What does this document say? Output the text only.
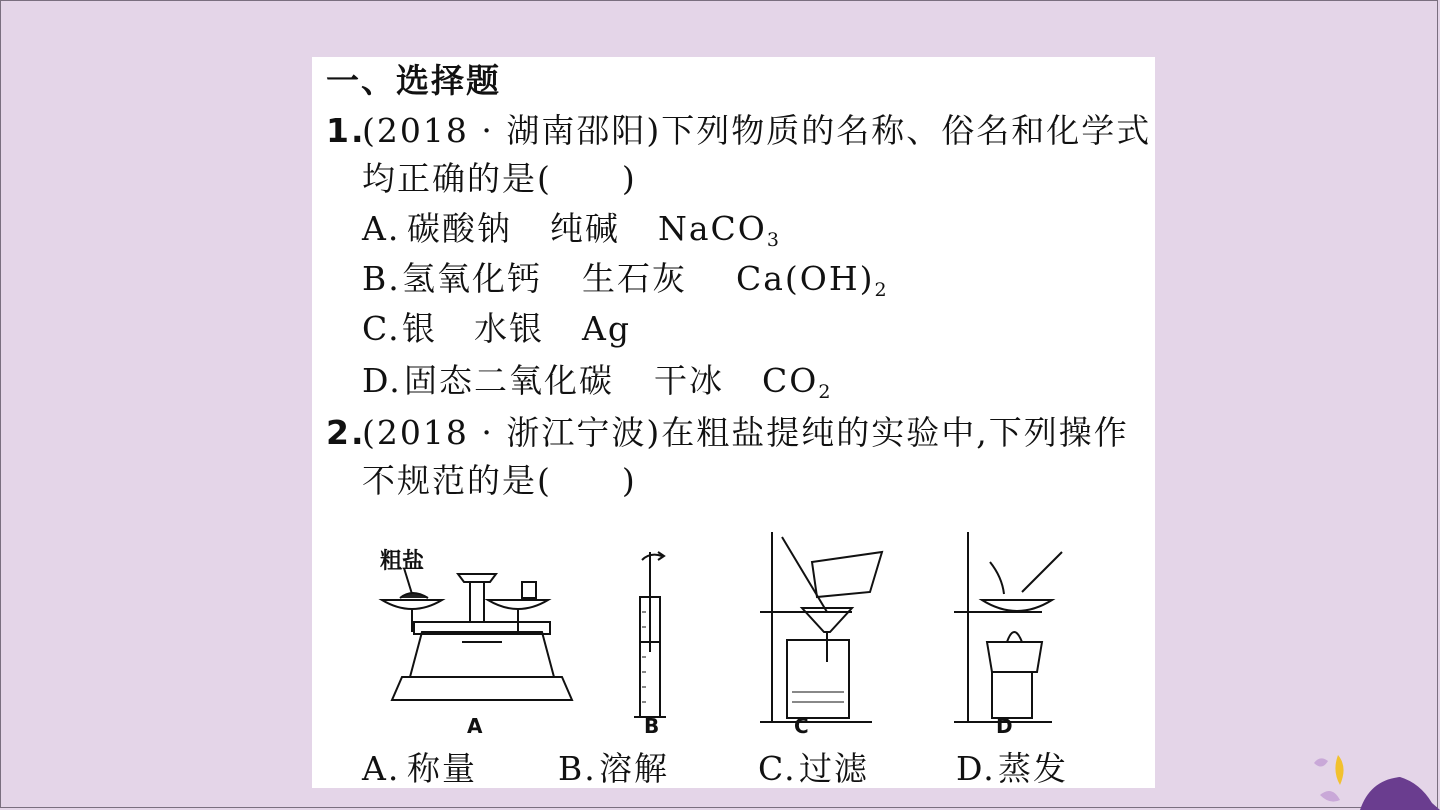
一、选择题
1.
(2018 · 湖南邵阳)下列物质的名称、俗名和化学式
均正确的是(　　)
A. 碳酸钠 纯碱 NaCO$_3$
B. 氢氧化钙 生石灰 $Ca(OH)_2$
C. 银 水银 Ag
D. 固态二氧化碳 干冰 $CO_2$
2.
(2018 · 浙江宁波)在粗盐提纯的实验中,下列操作
不规范的是(　　)
粗盐
A	B	C	D
A. 称量 B. 溶解	C. 过滤	D. 蒸发
